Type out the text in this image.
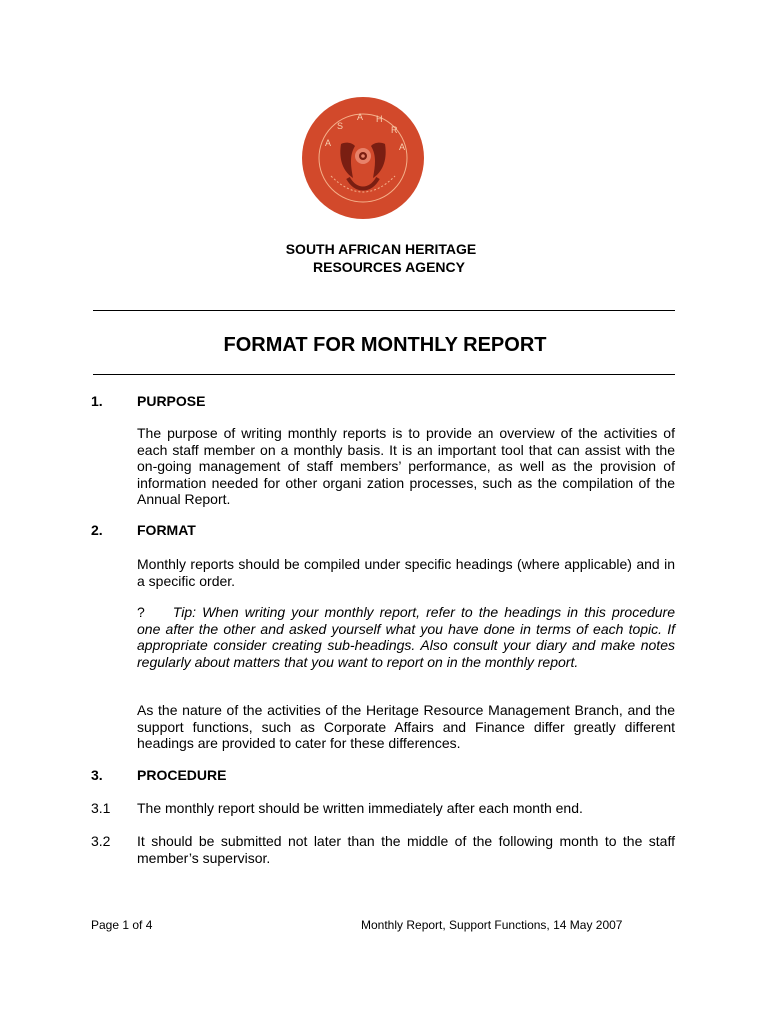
S
A H
R
A	A
SOUTH AFRICAN HERITAGE
RESOURCES AGENCY
FORMAT FOR MONTHLY REPORT
1. PURPOSE
The purpose of writing monthly reports is to provide an overview of the activities of each staff member on a monthly basis. It is an important tool that can assist with the on-going management of staff members’ performance, as well as the provision of information needed for other organi zation processes, such as the compilation of the Annual Report.
2. FORMAT
Monthly reports should be compiled under specific headings (where applicable) and in a specific order.
? Tip: When writing your monthly report, refer to the headings in this procedure one after the other and asked yourself what you have done in terms of each topic. If appropriate consider creating sub-headings. Also consult your diary and make notes regularly about matters that you want to report on in the monthly report.
As the nature of the activities of the Heritage Resource Management Branch, and the support functions, such as Corporate Affairs and Finance differ greatly different headings are provided to cater for these differences.
3. PROCEDURE
3.1 The monthly report should be written immediately after each month end.
3.2 It should be submitted not later than the middle of the following month to the staff member’s supervisor.
Page 1 of 4	Monthly Report, Support Functions, 14 May 2007
